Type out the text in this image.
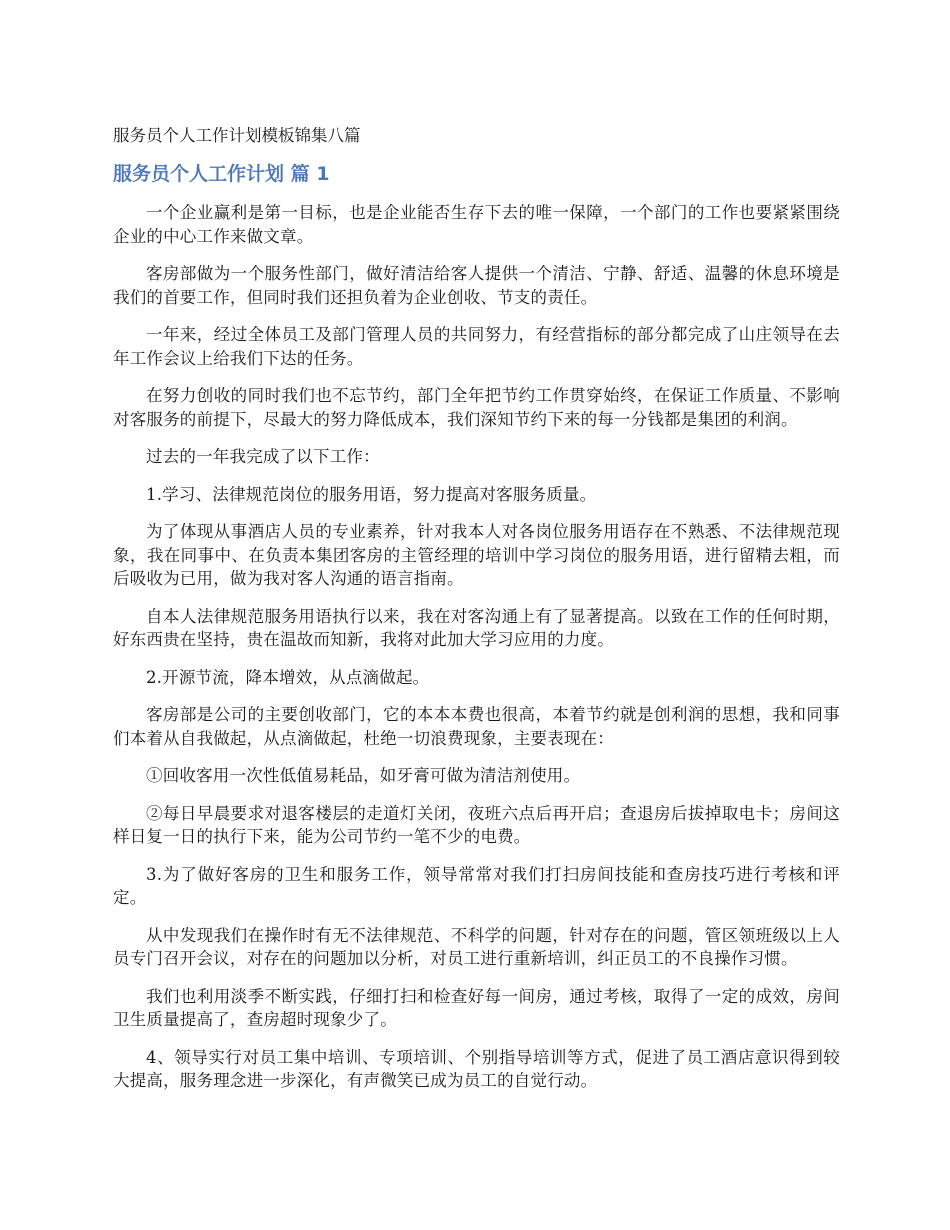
服务员个人工作计划模板锦集八篇
服务员个人工作计划 篇 1

一个企业赢利是第一目标，也是企业能否生存下去的唯一保障，一个部门的工作也要紧紧围绕企业的中心工作来做文章。

客房部做为一个服务性部门，做好清洁给客人提供一个清洁、宁静、舒适、温馨的休息环境是我们的首要工作，但同时我们还担负着为企业创收、节支的责任。

一年来，经过全体员工及部门管理人员的共同努力，有经营指标的部分都完成了山庄领导在去年工作会议上给我们下达的任务。

在努力创收的同时我们也不忘节约，部门全年把节约工作贯穿始终，在保证工作质量、不影响对客服务的前提下，尽最大的努力降低成本，我们深知节约下来的每一分钱都是集团的利润。

过去的一年我完成了以下工作：

1.学习、法律规范岗位的服务用语，努力提高对客服务质量。

为了体现从事酒店人员的专业素养，针对我本人对各岗位服务用语存在不熟悉、不法律规范现象，我在同事中、在负责本集团客房的主管经理的培训中学习岗位的服务用语，进行留精去粗，而后吸收为已用，做为我对客人沟通的语言指南。

自本人法律规范服务用语执行以来，我在对客沟通上有了显著提高。以致在工作的任何时期，好东西贵在坚持，贵在温故而知新，我将对此加大学习应用的力度。

2.开源节流，降本增效，从点滴做起。

客房部是公司的主要创收部门，它的本本本费也很高，本着节约就是创利润的思想，我和同事们本着从自我做起，从点滴做起，杜绝一切浪费现象，主要表现在：

①回收客用一次性低值易耗品，如牙膏可做为清洁剂使用。

②每日早晨要求对退客楼层的走道灯关闭，夜班六点后再开启；查退房后拔掉取电卡；房间这样日复一日的执行下来，能为公司节约一笔不少的电费。

3.为了做好客房的卫生和服务工作，领导常常对我们打扫房间技能和查房技巧进行考核和评定。

从中发现我们在操作时有无不法律规范、不科学的问题，针对存在的问题，管区领班级以上人员专门召开会议，对存在的问题加以分析，对员工进行重新培训，纠正员工的不良操作习惯。

我们也利用淡季不断实践，仔细打扫和检查好每一间房，通过考核，取得了一定的成效，房间卫生质量提高了，查房超时现象少了。

4、领导实行对员工集中培训、专项培训、个别指导培训等方式，促进了员工酒店意识得到较大提高，服务理念进一步深化，有声微笑已成为员工的自觉行动。
